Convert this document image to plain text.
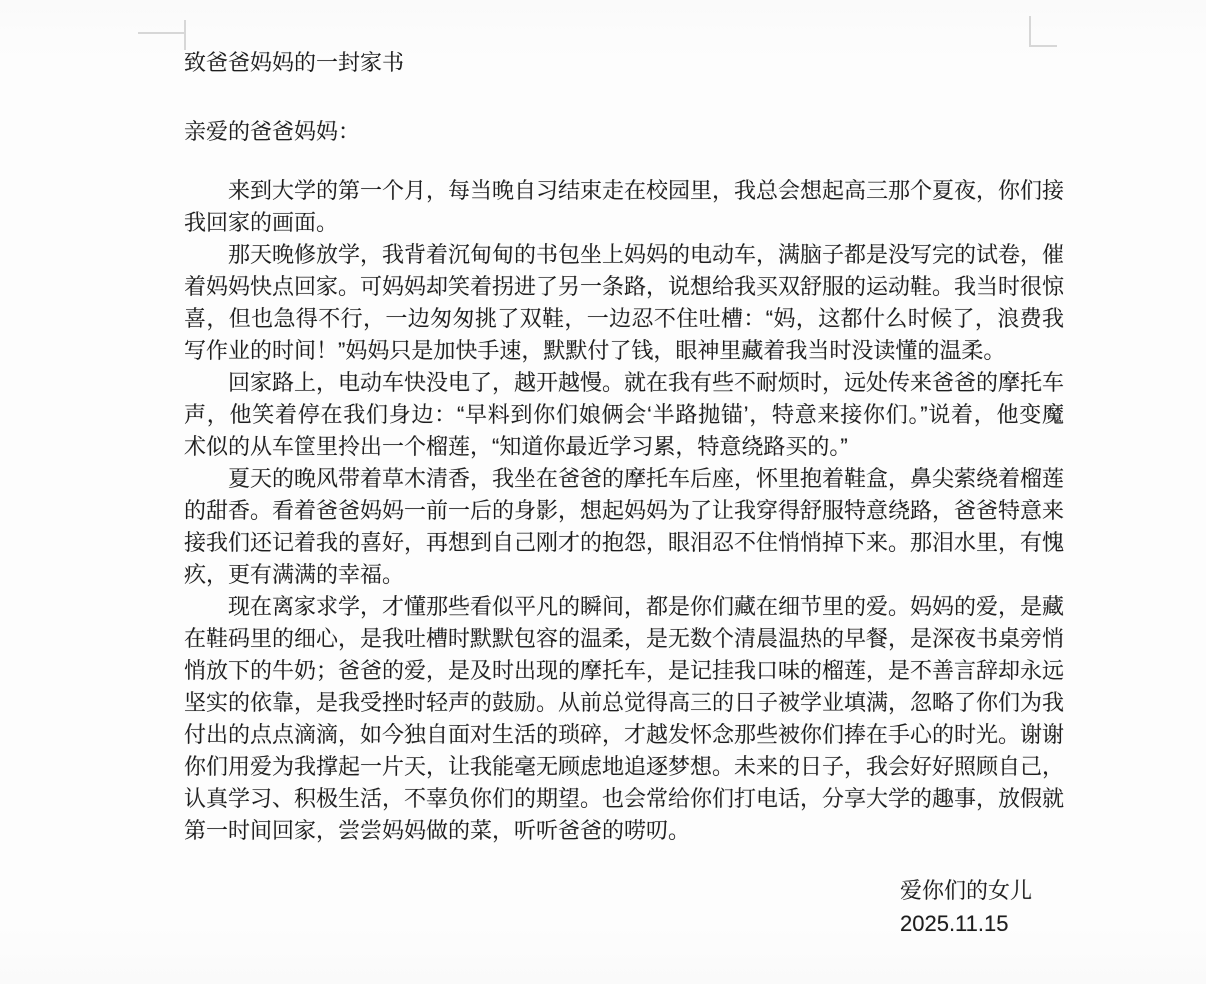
致爸爸妈妈的一封家书
亲爱的爸爸妈妈：
来到大学的第一个月，每当晚自习结束走在校园里，我总会想起高三那个夏夜，你们接
我回家的画面。
那天晚修放学，我背着沉甸甸的书包坐上妈妈的电动车，满脑子都是没写完的试卷，催
着妈妈快点回家。可妈妈却笑着拐进了另一条路，说想给我买双舒服的运动鞋。我当时很惊
喜，但也急得不行，一边匆匆挑了双鞋，一边忍不住吐槽：“妈，这都什么时候了，浪费我
写作业的时间！”妈妈只是加快手速，默默付了钱，眼神里藏着我当时没读懂的温柔。
回家路上，电动车快没电了，越开越慢。就在我有些不耐烦时，远处传来爸爸的摩托车
声，他笑着停在我们身边：“早料到你们娘俩会‘半路抛锚’，特意来接你们。”说着，他变魔
术似的从车筐里拎出一个榴莲，“知道你最近学习累，特意绕路买的。”
夏天的晚风带着草木清香，我坐在爸爸的摩托车后座，怀里抱着鞋盒，鼻尖萦绕着榴莲
的甜香。看着爸爸妈妈一前一后的身影，想起妈妈为了让我穿得舒服特意绕路，爸爸特意来
接我们还记着我的喜好，再想到自己刚才的抱怨，眼泪忍不住悄悄掉下来。那泪水里，有愧
疚，更有满满的幸福。
现在离家求学，才懂那些看似平凡的瞬间，都是你们藏在细节里的爱。妈妈的爱，是藏
在鞋码里的细心，是我吐槽时默默包容的温柔，是无数个清晨温热的早餐，是深夜书桌旁悄
悄放下的牛奶；爸爸的爱，是及时出现的摩托车，是记挂我口味的榴莲，是不善言辞却永远
坚实的依靠，是我受挫时轻声的鼓励。从前总觉得高三的日子被学业填满，忽略了你们为我
付出的点点滴滴，如今独自面对生活的琐碎，才越发怀念那些被你们捧在手心的时光。谢谢
你们用爱为我撑起一片天，让我能毫无顾虑地追逐梦想。未来的日子，我会好好照顾自己，
认真学习、积极生活，不辜负你们的期望。也会常给你们打电话，分享大学的趣事，放假就
第一时间回家，尝尝妈妈做的菜，听听爸爸的唠叨。
爱你们的女儿
2025.11.15
